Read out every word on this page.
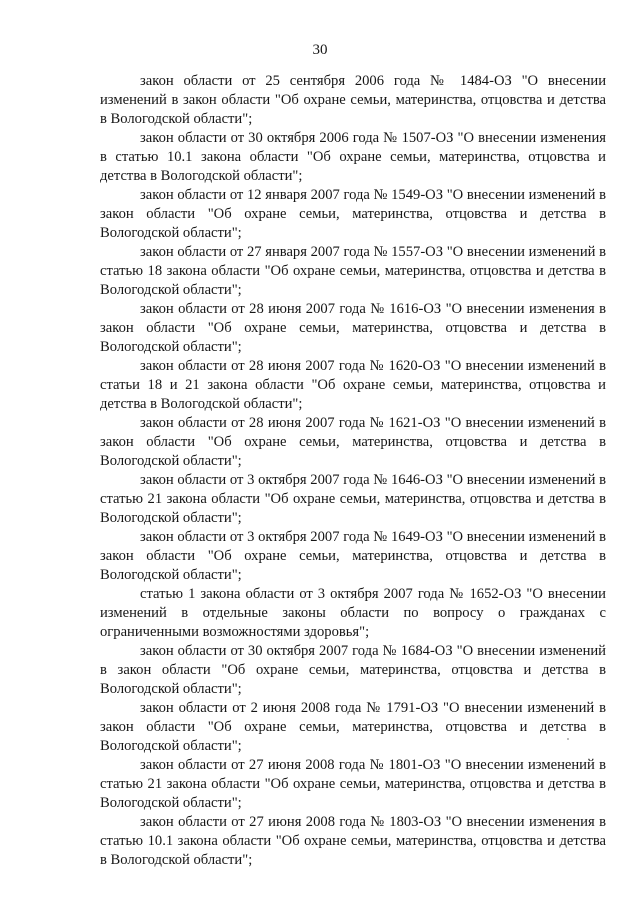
30

закон области от 25 сентября 2006 года № 1484-ОЗ "О внесении изменений в закон области "Об охране семьи, материнства, отцовства и детства в Вологодской области";

закон области от 30 октября 2006 года № 1507-ОЗ "О внесении изменения в статью 10.1 закона области "Об охране семьи, материнства, отцовства и детства в Вологодской области";

закон области от 12 января 2007 года № 1549-ОЗ "О внесении изменений в закон области "Об охране семьи, материнства, отцовства и детства в Вологодской области";

закон области от 27 января 2007 года № 1557-ОЗ "О внесении изменений в статью 18 закона области "Об охране семьи, материнства, отцовства и детства в Вологодской области";

закон области от 28 июня 2007 года № 1616-ОЗ "О внесении изменения в закон области "Об охране семьи, материнства, отцовства и детства в Вологодской области";

закон области от 28 июня 2007 года № 1620-ОЗ "О внесении изменений в статьи 18 и 21 закона области "Об охране семьи, материнства, отцовства и детства в Вологодской области";

закон области от 28 июня 2007 года № 1621-ОЗ "О внесении изменений в закон области "Об охране семьи, материнства, отцовства и детства в Вологодской области";

закон области от 3 октября 2007 года № 1646-ОЗ "О внесении изменений в статью 21 закона области "Об охране семьи, материнства, отцовства и детства в Вологодской области";

закон области от 3 октября 2007 года № 1649-ОЗ "О внесении изменений в закон области "Об охране семьи, материнства, отцовства и детства в Вологодской области";

статью 1 закона области от 3 октября 2007 года № 1652-ОЗ "О внесении изменений в отдельные законы области по вопросу о гражданах с ограниченными возможностями здоровья";

закон области от 30 октября 2007 года № 1684-ОЗ "О внесении изменений в закон области "Об охране семьи, материнства, отцовства и детства в Вологодской области";

закон области от 2 июня 2008 года № 1791-ОЗ "О внесении изменений в закон области "Об охране семьи, материнства, отцовства и детства в Вологодской области";

закон области от 27 июня 2008 года № 1801-ОЗ "О внесении изменений в статью 21 закона области "Об охране семьи, материнства, отцовства и детства в Вологодской области";

закон области от 27 июня 2008 года № 1803-ОЗ "О внесении изменения в статью 10.1 закона области "Об охране семьи, материнства, отцовства и детства в Вологодской области";
